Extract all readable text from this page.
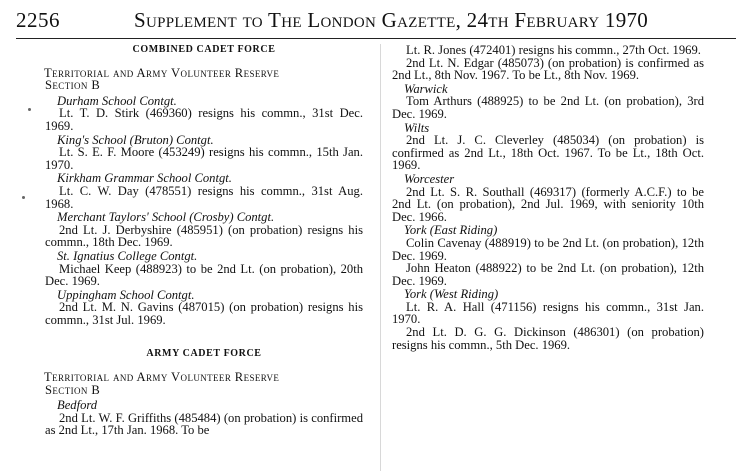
2256	Supplement to The London Gazette, 24th February 1970

COMBINED CADET FORCE

Territorial and Army Volunteer Reserve

Section B

Durham School Contgt.

Lt. T. D. Stirk (469360) resigns his commn., 31st Dec. 1969.

King's School (Bruton) Contgt.

Lt. S. E. F. Moore (453249) resigns his commn., 15th Jan. 1970.

Kirkham Grammar School Contgt.

Lt. C. W. Day (478551) resigns his commn., 31st Aug. 1968.

Merchant Taylors' School (Crosby) Contgt.

2nd Lt. J. Derbyshire (485951) (on probation) resigns his commn., 18th Dec. 1969.

St. Ignatius College Contgt.

Michael Keep (488923) to be 2nd Lt. (on probation), 20th Dec. 1969.

Uppingham School Contgt.

2nd Lt. M. N. Gavins (487015) (on probation) resigns his commn., 31st Jul. 1969.

ARMY CADET FORCE

Territorial and Army Volunteer Reserve

Section B

Bedford

2nd Lt. W. F. Griffiths (485484) (on probation) is confirmed as 2nd Lt., 17th Jan. 1968. To be

Lt. R. Jones (472401) resigns his commn., 27th Oct. 1969.

2nd Lt. N. Edgar (485073) (on probation) is confirmed as 2nd Lt., 8th Nov. 1967. To be Lt., 8th Nov. 1969.

Warwick

Tom Arthurs (488925) to be 2nd Lt. (on probation), 3rd Dec. 1969.

Wilts

2nd Lt. J. C. Cleverley (485034) (on probation) is confirmed as 2nd Lt., 18th Oct. 1967. To be Lt., 18th Oct. 1969.

Worcester

2nd Lt. S. R. Southall (469317) (formerly A.C.F.) to be 2nd Lt. (on probation), 2nd Jul. 1969, with seniority 10th Dec. 1966.

York (East Riding)

Colin Cavenay (488919) to be 2nd Lt. (on probation), 12th Dec. 1969.

John Heaton (488922) to be 2nd Lt. (on probation), 12th Dec. 1969.

York (West Riding)

Lt. R. A. Hall (471156) resigns his commn., 31st Jan. 1970.

2nd Lt. D. G. G. Dickinson (486301) (on probation) resigns his commn., 5th Dec. 1969.
